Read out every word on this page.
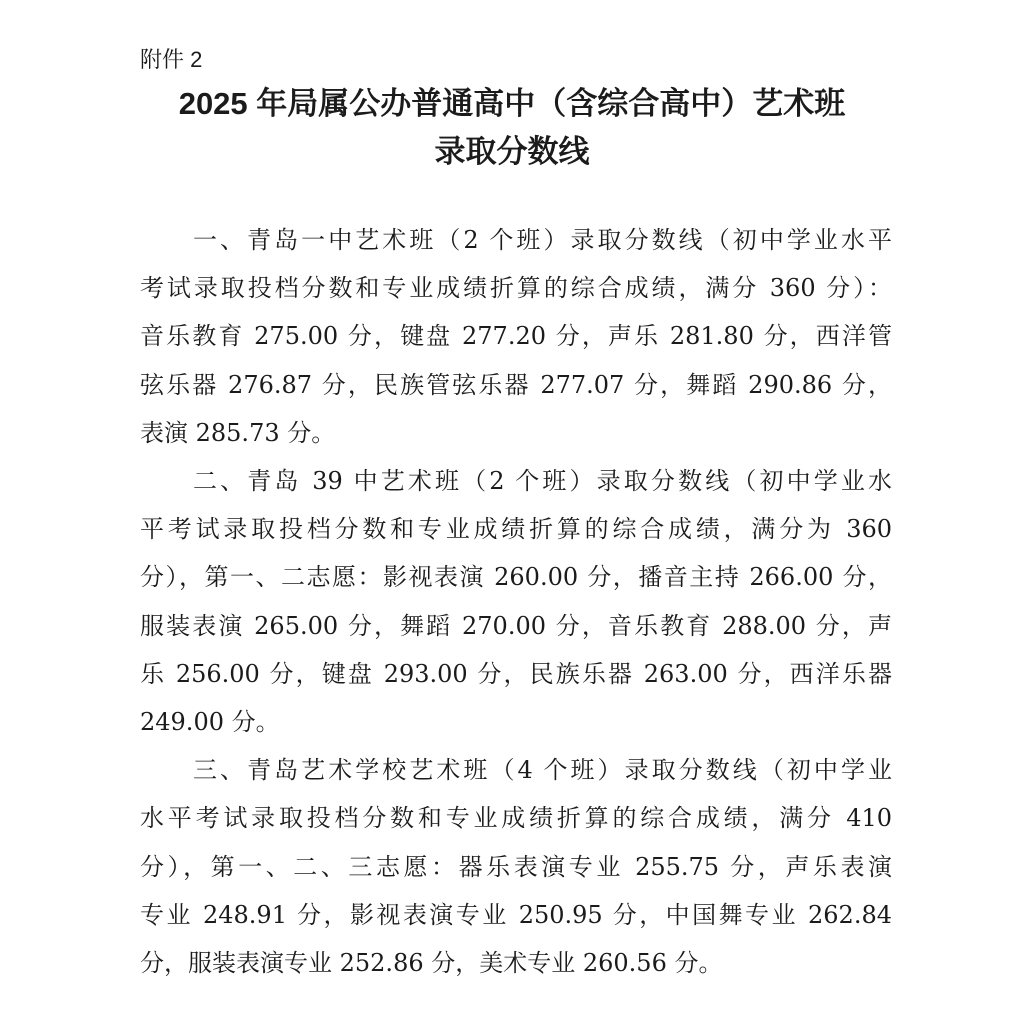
附件 2
2025 年局属公办普通高中（含综合高中）艺术班
录取分数线
一、青岛一中艺术班（2 个班）录取分数线（初中学业水平
考试录取投档分数和专业成绩折算的综合成绩，满分 360 分）：
音乐教育 275.00 分，键盘 277.20 分，声乐 281.80 分，西洋管
弦乐器 276.87 分，民族管弦乐器 277.07 分，舞蹈 290.86 分，
表演 285.73 分。
二、青岛 39 中艺术班（2 个班）录取分数线（初中学业水
平考试录取投档分数和专业成绩折算的综合成绩，满分为 360
分），第一、二志愿：影视表演 260.00 分，播音主持 266.00 分，
服装表演 265.00 分，舞蹈 270.00 分，音乐教育 288.00 分，声
乐 256.00 分，键盘 293.00 分，民族乐器 263.00 分，西洋乐器
249.00 分。
三、青岛艺术学校艺术班（4 个班）录取分数线（初中学业
水平考试录取投档分数和专业成绩折算的综合成绩，满分 410
分），第一、二、三志愿：器乐表演专业 255.75 分，声乐表演
专业 248.91 分，影视表演专业 250.95 分，中国舞专业 262.84
分，服装表演专业 252.86 分，美术专业 260.56 分。
